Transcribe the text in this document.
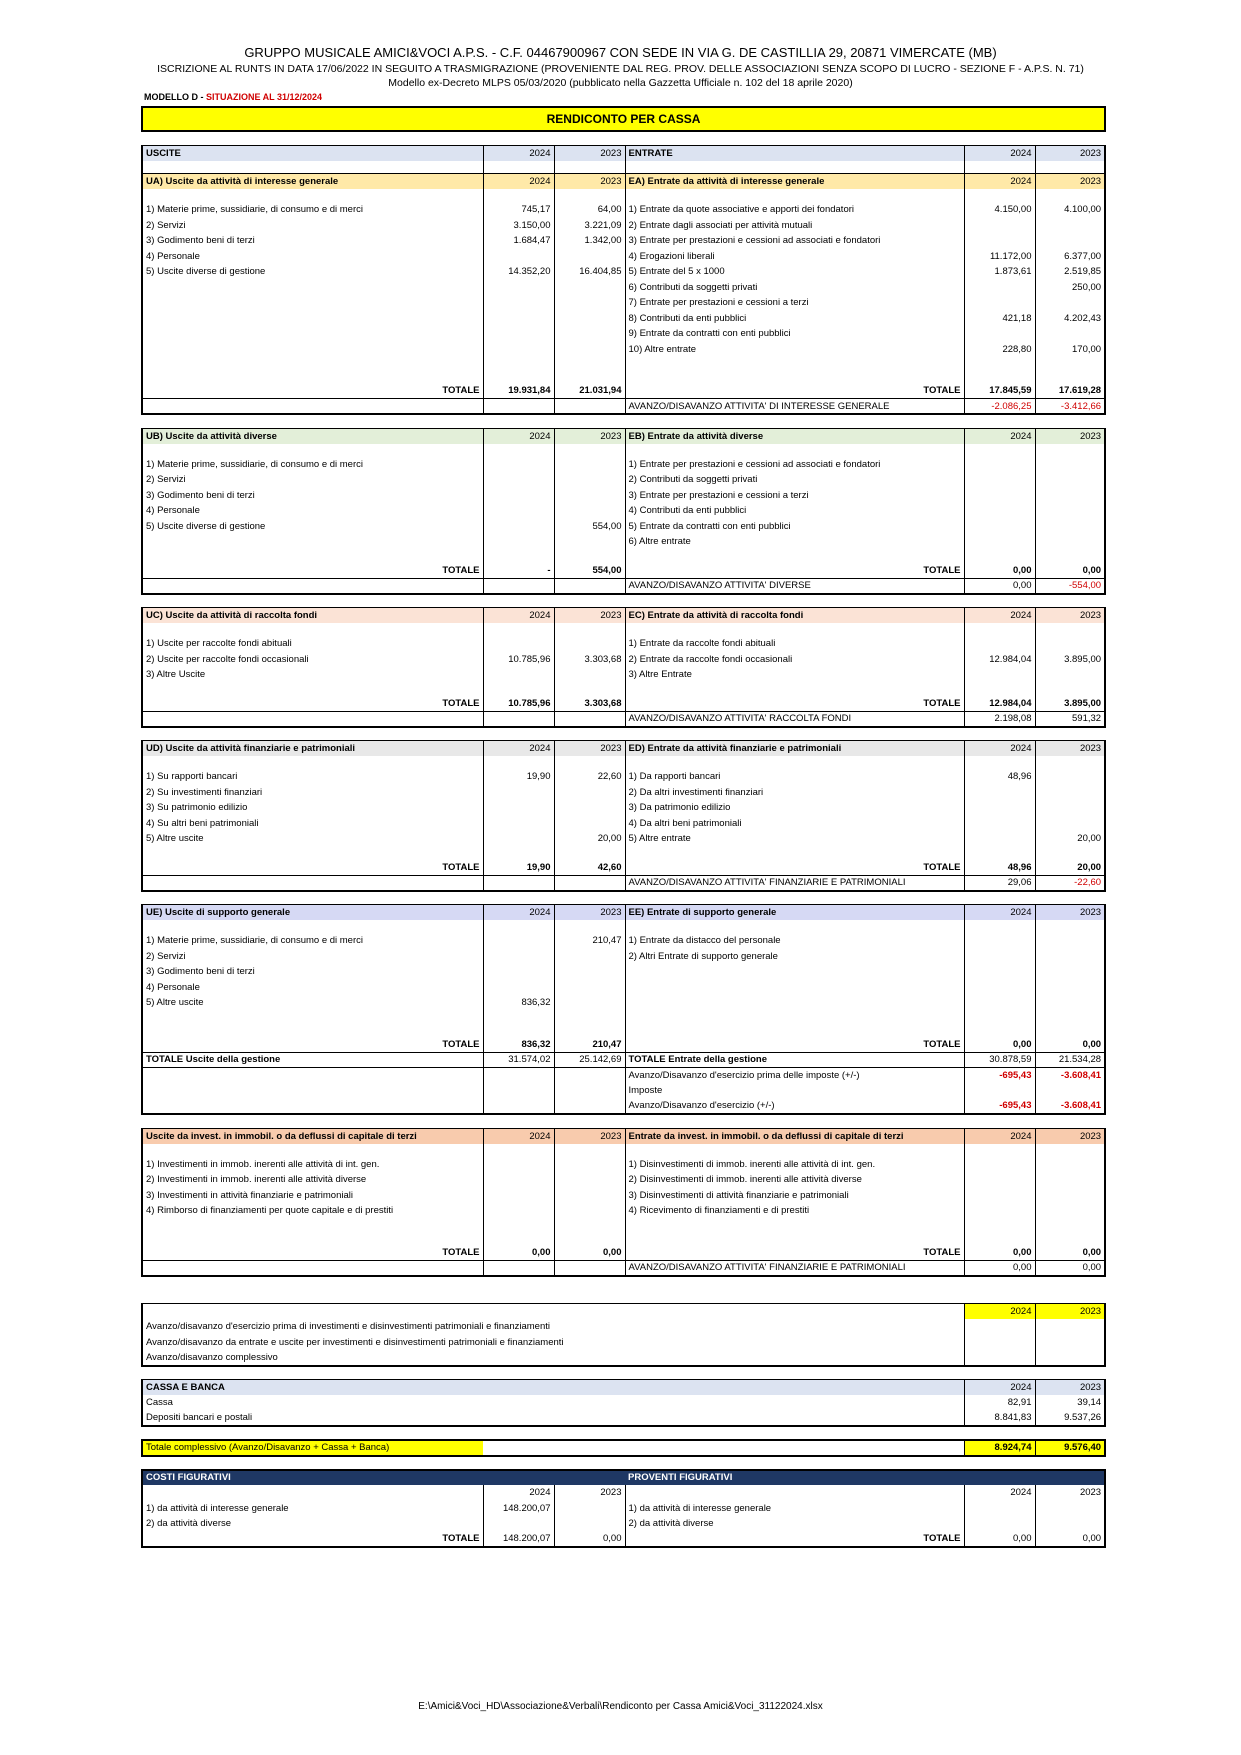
GRUPPO MUSICALE AMICI&VOCI A.P.S. - C.F. 04467900967 CON SEDE IN VIA G. DE CASTILLIA 29, 20871 VIMERCATE (MB)
ISCRIZIONE AL RUNTS IN DATA 17/06/2022 IN SEGUITO A TRASMIGRAZIONE (PROVENIENTE DAL REG. PROV. DELLE ASSOCIAZIONI SENZA SCOPO DI LUCRO - SEZIONE F - A.P.S. N. 71)
Modello ex-Decreto MLPS 05/03/2020 (pubblicato nella Gazzetta Ufficiale n. 102 del 18 aprile 2020)
MODELLO D - SITUAZIONE AL 31/12/2024
RENDICONTO PER CASSA					

USCITE	2024	2023	ENTRATE	2024	2023

UA) Uscite da attività di interesse generale	2024	2023	EA) Entrate da attività di interesse generale	2024	2023

1) Materie prime, sussidiarie, di consumo e di merci	745,17	64,00	1) Entrate da quote associative e apporti dei fondatori	4.150,00	4.100,00
2) Servizi	3.150,00	3.221,09	2) Entrate dagli associati per attività mutuali		
3) Godimento beni di terzi	1.684,47	1.342,00	3) Entrate per prestazioni e cessioni ad associati e fondatori		
4) Personale			4) Erogazioni liberali	11.172,00	6.377,00
5) Uscite diverse di gestione	14.352,20	16.404,85	5) Entrate del 5 x 1000	1.873,61	2.519,85
			6) Contributi da soggetti privati		250,00
			7) Entrate per prestazioni e cessioni a terzi		
			8) Contributi da enti pubblici	421,18	4.202,43
			9) Entrate da contratti con enti pubblici		
			10) Altre entrate	228,80	170,00

TOTALE	19.931,84	21.031,94	TOTALE	17.845,59	17.619,28
			AVANZO/DISAVANZO ATTIVITA' DI INTERESSE GENERALE	-2.086,25	-3.412,66

UB) Uscite da attività diverse	2024	2023	EB) Entrate da attività diverse	2024	2023

1) Materie prime, sussidiarie, di consumo e di merci			1) Entrate per prestazioni e cessioni ad associati e fondatori		
2) Servizi			2) Contributi da soggetti privati		
3) Godimento beni di terzi			3) Entrate per prestazioni e cessioni a terzi		
4) Personale			4) Contributi da enti pubblici		
5) Uscite diverse di gestione		554,00	5) Entrate da contratti con enti pubblici		
			6) Altre entrate		

TOTALE	-	554,00	TOTALE	0,00	0,00
			AVANZO/DISAVANZO ATTIVITA' DIVERSE	0,00	-554,00

UC) Uscite da attività di raccolta fondi	2024	2023	EC) Entrate da attività di raccolta fondi	2024	2023

1) Uscite per raccolte fondi abituali			1) Entrate da raccolte fondi abituali		
2) Uscite per raccolte fondi occasionali	10.785,96	3.303,68	2) Entrate da raccolte fondi occasionali	12.984,04	3.895,00
3) Altre Uscite			3) Altre Entrate		

TOTALE	10.785,96	3.303,68	TOTALE	12.984,04	3.895,00
			AVANZO/DISAVANZO ATTIVITA' RACCOLTA FONDI	2.198,08	591,32

UD) Uscite da attività finanziarie e patrimoniali	2024	2023	ED) Entrate da attività finanziarie e patrimoniali	2024	2023

1) Su rapporti bancari	19,90	22,60	1) Da rapporti bancari	48,96	
2) Su investimenti finanziari			2) Da altri investimenti finanziari		
3) Su patrimonio edilizio			3) Da patrimonio edilizio		
4) Su altri beni patrimoniali			4) Da altri beni patrimoniali		
5) Altre uscite		20,00	5) Altre entrate		20,00

TOTALE	19,90	42,60	TOTALE	48,96	20,00
			AVANZO/DISAVANZO ATTIVITA' FINANZIARIE E PATRIMONIALI	29,06	-22,60

UE) Uscite di supporto generale	2024	2023	EE) Entrate di supporto generale	2024	2023

1) Materie prime, sussidiarie, di consumo e di merci		210,47	1) Entrate da distacco del personale		
2) Servizi			2) Altri Entrate di supporto generale		
3) Godimento beni di terzi					
4) Personale					
5) Altre uscite	836,32				

TOTALE	836,32	210,47	TOTALE	0,00	0,00
TOTALE Uscite della gestione	31.574,02	25.142,69	TOTALE Entrate della gestione	30.878,59	21.534,28
			Avanzo/Disavanzo d'esercizio prima delle imposte (+/-)	-695,43	-3.608,41
			Imposte		
			Avanzo/Disavanzo d'esercizio (+/-)	-695,43	-3.608,41

Uscite da invest. in immobil. o da deflussi di capitale di terzi	2024	2023	Entrate da invest. in immobil. o da deflussi di capitale di terzi	2024	2023

1) Investimenti in immob. inerenti alle attività di int. gen.			1) Disinvestimenti di immob. inerenti alle attività di int. gen.		
2) Investimenti in immob. inerenti alle attività diverse			2) Disinvestimenti di immob. inerenti alle attività diverse		
3) Investimenti in attività finanziarie e patrimoniali			3) Disinvestimenti di attività finanziarie e patrimoniali		
4) Rimborso di finanziamenti per quote capitale e di prestiti			4) Ricevimento di finanziamenti e di prestiti		

TOTALE	0,00	0,00	TOTALE	0,00	0,00
			AVANZO/DISAVANZO ATTIVITA' FINANZIARIE E PATRIMONIALI	0,00	0,00

				2024	2023
Avanzo/disavanzo d'esercizio prima di investimenti e disinvestimenti patrimoniali e finanziamenti					
Avanzo/disavanzo da entrate e uscite per investimenti e disinvestimenti patrimoniali e finanziamenti					
Avanzo/disavanzo complessivo					

CASSA E BANCA				2024	2023
Cassa				82,91	39,14
Depositi bancari e postali				8.841,83	9.537,26

Totale complessivo (Avanzo/Disavanzo + Cassa + Banca)				8.924,74	9.576,40

COSTI FIGURATIVI			PROVENTI FIGURATIVI		
	2024	2023		2024	2023
1) da attività di interesse generale	148.200,07		1) da attività di interesse generale		
2) da attività diverse			2) da attività diverse		
TOTALE	148.200,07	0,00	TOTALE	0,00	0,00
E:\Amici&Voci_HD\Associazione&Verbali\Rendiconto per Cassa Amici&Voci_31122024.xlsx
